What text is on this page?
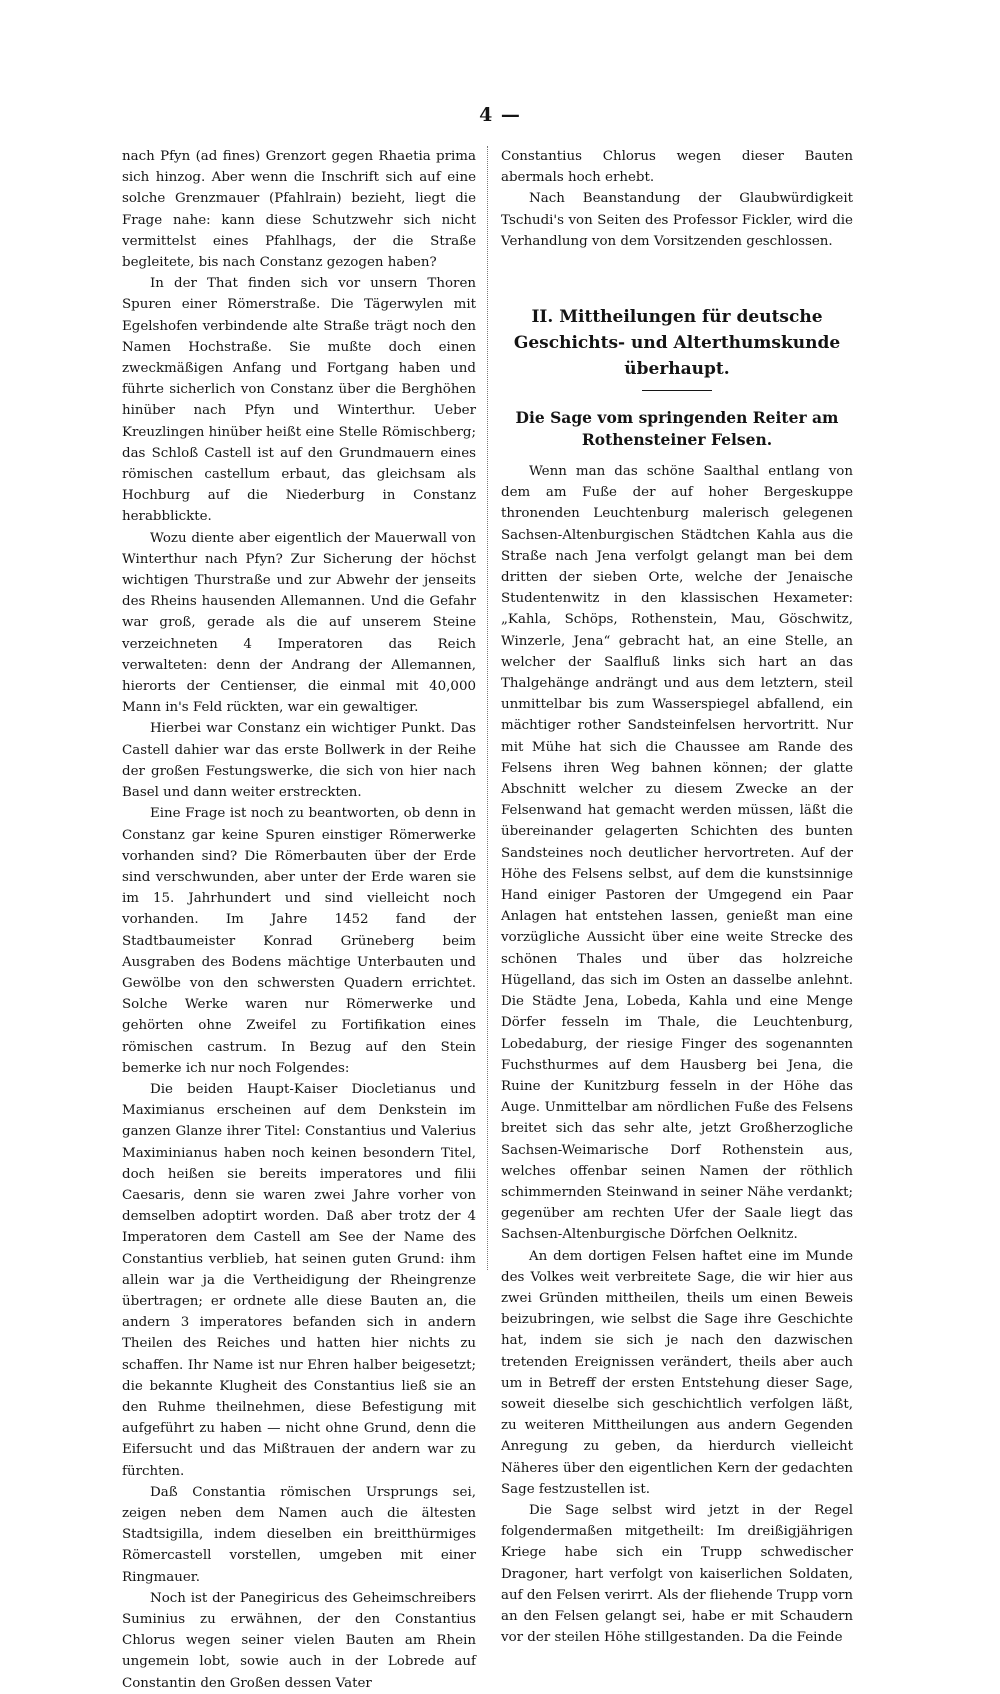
4 —

nach Pfyn (ad fines) Grenzort gegen Rhaetia prima sich hinzog. Aber wenn die Inschrift sich auf eine solche Grenzmauer (Pfahlrain) bezieht, liegt die Frage nahe: kann diese Schutzwehr sich nicht vermittelst eines Pfahlhags, der die Straße begleitete, bis nach Constanz gezogen haben?

In der That finden sich vor unsern Thoren Spuren einer Römerstraße. Die Tägerwylen mit Egelshofen verbindende alte Straße trägt noch den Namen Hochstraße. Sie mußte doch einen zweckmäßigen Anfang und Fortgang haben und führte sicherlich von Constanz über die Berghöhen hinüber nach Pfyn und Winterthur. Ueber Kreuzlingen hinüber heißt eine Stelle Römischberg; das Schloß Castell ist auf den Grundmauern eines römischen castellum erbaut, das gleichsam als Hochburg auf die Niederburg in Constanz herabblickte.

Wozu diente aber eigentlich der Mauerwall von Winterthur nach Pfyn? Zur Sicherung der höchst wichtigen Thurstraße und zur Abwehr der jenseits des Rheins hausenden Allemannen. Und die Gefahr war groß, gerade als die auf unserem Steine verzeichneten 4 Imperatoren das Reich verwalteten: denn der Andrang der Allemannen, hierorts der Centienser, die einmal mit 40,000 Mann in's Feld rückten, war ein gewaltiger.

Hierbei war Constanz ein wichtiger Punkt. Das Castell dahier war das erste Bollwerk in der Reihe der großen Festungswerke, die sich von hier nach Basel und dann weiter erstreckten.

Eine Frage ist noch zu beantworten, ob denn in Constanz gar keine Spuren einstiger Römerwerke vorhanden sind? Die Römerbauten über der Erde sind verschwunden, aber unter der Erde waren sie im 15. Jahrhundert und sind vielleicht noch vorhanden. Im Jahre 1452 fand der Stadtbaumeister Konrad Grüneberg beim Ausgraben des Bodens mächtige Unterbauten und Gewölbe von den schwersten Quadern errichtet. Solche Werke waren nur Römerwerke und gehörten ohne Zweifel zu Fortifikation eines römischen castrum. In Bezug auf den Stein bemerke ich nur noch Folgendes:

Die beiden Haupt-Kaiser Diocletianus und Maximianus erscheinen auf dem Denkstein im ganzen Glanze ihrer Titel: Constantius und Valerius Maximinianus haben noch keinen besondern Titel, doch heißen sie bereits imperatores und filii Caesaris, denn sie waren zwei Jahre vorher von demselben adoptirt worden. Daß aber trotz der 4 Imperatoren dem Castell am See der Name des Constantius verblieb, hat seinen guten Grund: ihm allein war ja die Vertheidigung der Rheingrenze übertragen; er ordnete alle diese Bauten an, die andern 3 imperatores befanden sich in andern Theilen des Reiches und hatten hier nichts zu schaffen. Ihr Name ist nur Ehren halber beigesetzt; die bekannte Klugheit des Constantius ließ sie an den Ruhme theilnehmen, diese Befestigung mit aufgeführt zu haben — nicht ohne Grund, denn die Eifersucht und das Mißtrauen der andern war zu fürchten.

Daß Constantia römischen Ursprungs sei, zeigen neben dem Namen auch die ältesten Stadtsigilla, indem dieselben ein breitthürmiges Römercastell vorstellen, umgeben mit einer Ringmauer.

Noch ist der Panegiricus des Geheimschreibers Suminius zu erwähnen, der den Constantius Chlorus wegen seiner vielen Bauten am Rhein ungemein lobt, sowie auch in der Lobrede auf Constantin den Großen dessen Vater

Constantius Chlorus wegen dieser Bauten abermals hoch erhebt.

Nach Beanstandung der Glaubwürdigkeit Tschudi's von Seiten des Professor Fickler, wird die Verhandlung von dem Vorsitzenden geschlossen.

II. Mittheilungen für deutsche Geschichts- und Alterthumskunde überhaupt.
Die Sage vom springenden Reiter am Rothensteiner Felsen.

Wenn man das schöne Saalthal entlang von dem am Fuße der auf hoher Bergeskuppe thronenden Leuchtenburg malerisch gelegenen Sachsen-Altenburgischen Städtchen Kahla aus die Straße nach Jena verfolgt gelangt man bei dem dritten der sieben Orte, welche der Jenaische Studentenwitz in den klassischen Hexameter: „Kahla, Schöps, Rothenstein, Mau, Göschwitz, Winzerle, Jena“ gebracht hat, an eine Stelle, an welcher der Saalfluß links sich hart an das Thalgehänge andrängt und aus dem letztern, steil unmittelbar bis zum Wasserspiegel abfallend, ein mächtiger rother Sandsteinfelsen hervortritt. Nur mit Mühe hat sich die Chaussee am Rande des Felsens ihren Weg bahnen können; der glatte Abschnitt welcher zu diesem Zwecke an der Felsenwand hat gemacht werden müssen, läßt die übereinander gelagerten Schichten des bunten Sandsteines noch deutlicher hervortreten. Auf der Höhe des Felsens selbst, auf dem die kunstsinnige Hand einiger Pastoren der Umgegend ein Paar Anlagen hat entstehen lassen, genießt man eine vorzügliche Aussicht über eine weite Strecke des schönen Thales und über das holzreiche Hügelland, das sich im Osten an dasselbe anlehnt. Die Städte Jena, Lobeda, Kahla und eine Menge Dörfer fesseln im Thale, die Leuchtenburg, Lobedaburg, der riesige Finger des sogenannten Fuchsthurmes auf dem Hausberg bei Jena, die Ruine der Kunitzburg fesseln in der Höhe das Auge. Unmittelbar am nördlichen Fuße des Felsens breitet sich das sehr alte, jetzt Großherzogliche Sachsen-Weimarische Dorf Rothenstein aus, welches offenbar seinen Namen der röthlich schimmernden Steinwand in seiner Nähe verdankt; gegenüber am rechten Ufer der Saale liegt das Sachsen-Altenburgische Dörfchen Oelknitz.

An dem dortigen Felsen haftet eine im Munde des Volkes weit verbreitete Sage, die wir hier aus zwei Gründen mittheilen, theils um einen Beweis beizubringen, wie selbst die Sage ihre Geschichte hat, indem sie sich je nach den dazwischen tretenden Ereignissen verändert, theils aber auch um in Betreff der ersten Entstehung dieser Sage, soweit dieselbe sich geschichtlich verfolgen läßt, zu weiteren Mittheilungen aus andern Gegenden Anregung zu geben, da hierdurch vielleicht Näheres über den eigentlichen Kern der gedachten Sage festzustellen ist.

Die Sage selbst wird jetzt in der Regel folgendermaßen mitgetheilt: Im dreißigjährigen Kriege habe sich ein Trupp schwedischer Dragoner, hart verfolgt von kaiserlichen Soldaten, auf den Felsen verirrt. Als der fliehende Trupp vorn an den Felsen gelangt sei, habe er mit Schaudern vor der steilen Höhe stillgestanden. Da die Feinde
